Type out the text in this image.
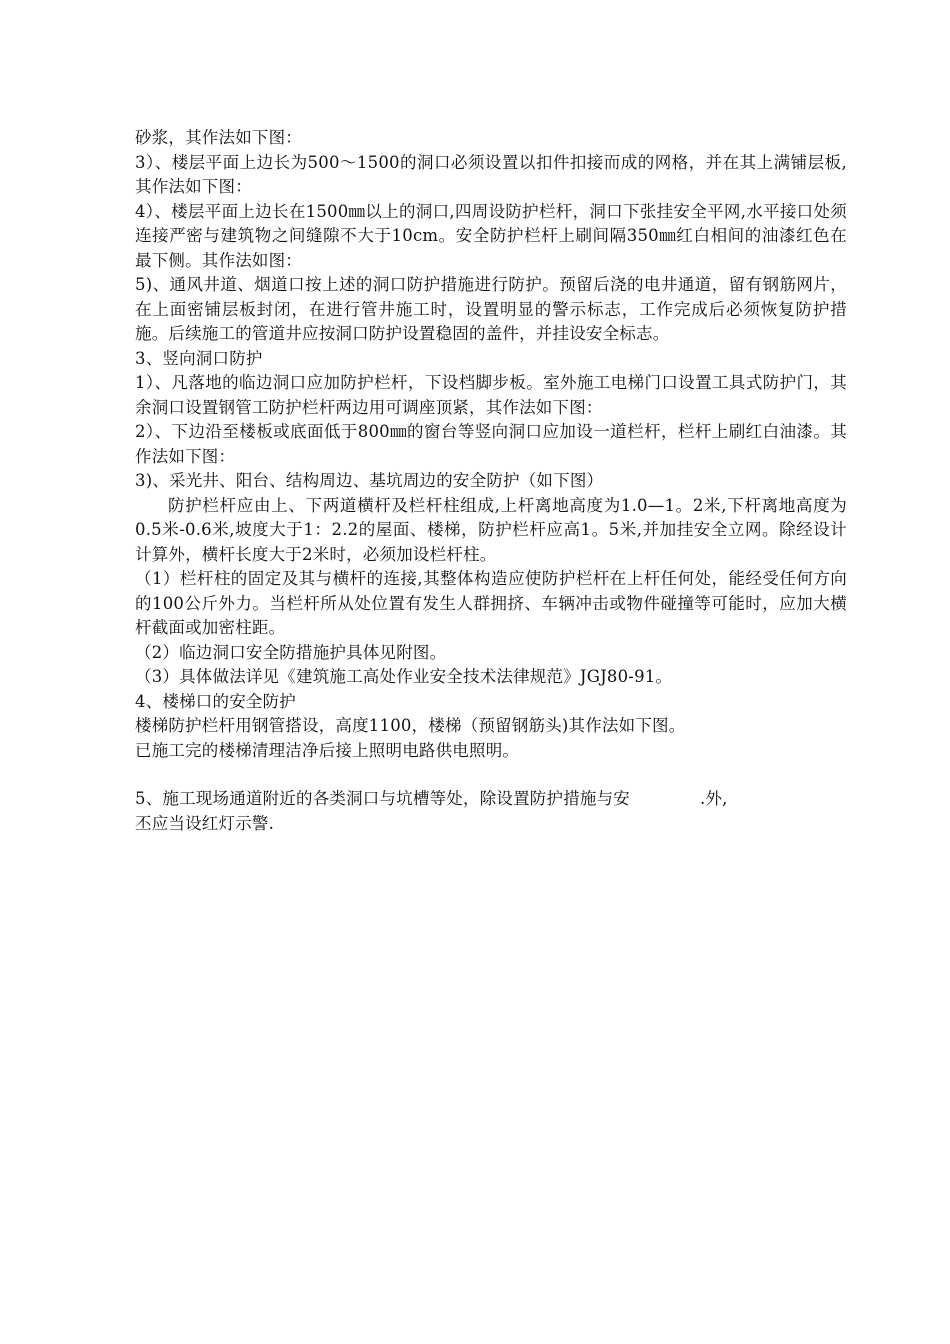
砂浆，其作法如下图：

3）、楼层平面上边长为500～1500的洞口必须设置以扣件扣接而成的网格，并在其上满铺层板,其作法如下图：

4）、楼层平面上边长在1500㎜以上的洞口,四周设防护栏杆，洞口下张挂安全平网,水平接口处须连接严密与建筑物之间缝隙不大于10cm。安全防护栏杆上刷间隔350㎜红白相间的油漆红色在最下侧。其作法如图：

5)、通风井道、烟道口按上述的洞口防护措施进行防护。预留后浇的电井通道，留有钢筋网片，在上面密铺层板封闭，在进行管井施工时，设置明显的警示标志，工作完成后必须恢复防护措施。后续施工的管道井应按洞口防护设置稳固的盖件，并挂设安全标志。

3、竖向洞口防护

1）、凡落地的临边洞口应加防护栏杆，下设档脚步板。室外施工电梯门口设置工具式防护门，其余洞口设置钢管工防护栏杆两边用可调座顶紧，其作法如下图：

2）、下边沿至楼板或底面低于800㎜的窗台等竖向洞口应加设一道栏杆，栏杆上刷红白油漆。其作法如下图：

3)、采光井、阳台、结构周边、基坑周边的安全防护（如下图）

防护栏杆应由上、下两道横杆及栏杆柱组成,上杆离地高度为1.0—1。2米,下杆离地高度为0.5米-0.6米,坡度大于1：2.2的屋面、楼梯，防护栏杆应高1。5米,并加挂安全立网。除经设计计算外，横杆长度大于2米时，必须加设栏杆柱。

（1）栏杆柱的固定及其与横杆的连接,其整体构造应使防护栏杆在上杆任何处，能经受任何方向的100公斤外力。当栏杆所从处位置有发生人群拥挤、车辆冲击或物件碰撞等可能时，应加大横杆截面或加密柱距。

（2）临边洞口安全防措施护具体见附图。

（3）具体做法详见《建筑施工高处作业安全技术法律规范》JGJ80-91。

4、楼梯口的安全防护

楼梯防护栏杆用钢管搭设，高度1100，楼梯（预留钢筋头)其作法如下图。

已施工完的楼梯清理洁净后接上照明电路供电照明。

5、施工现场通道附近的各类洞口与坑槽等处，除设置防护措施与安	.外,

丕应当设红灯示警.
